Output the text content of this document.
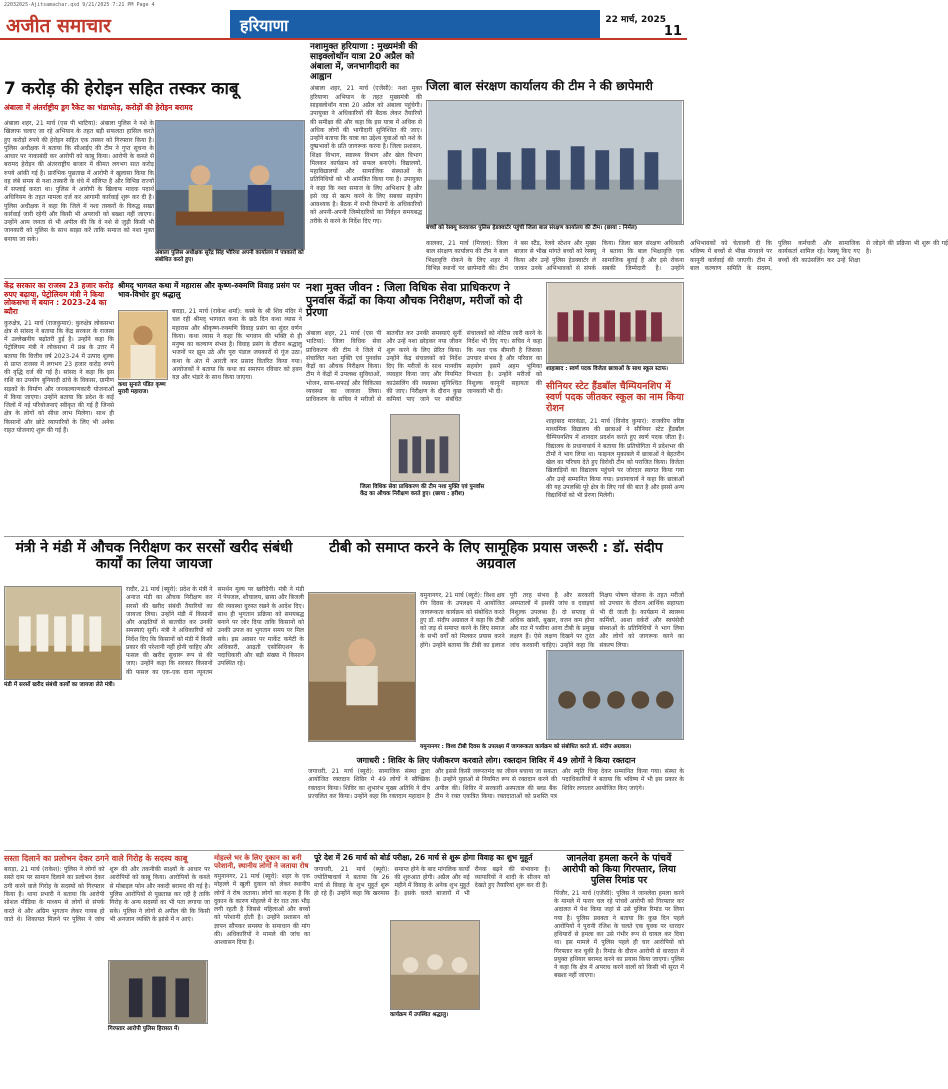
22032025-Ajitsamachar.qxd 9/21/2025 7:21 PM Page 4
अजीत समाचार	हरियाणा	22 मार्च, 2025
11
7 करोड़ की हेरोइन सहित तस्कर काबू
अंबाला में अंतर्राष्ट्रीय ड्रग रैकेट का भंडाफोड़, करोड़ों की हेरोइन बरामद
अंबाला शहर, 21 मार्च (एस पी भाटिया): अंबाला पुलिस ने नशे के खिलाफ चलाए जा रहे अभियान के तहत बड़ी सफलता हासिल करते हुए करोड़ों रुपये की हेरोइन सहित एक तस्कर को गिरफ्तार किया है। पुलिस अधीक्षक ने बताया कि सीआईए की टीम ने गुप्त सूचना के आधार पर नाकाबंदी कर आरोपी को काबू किया। आरोपी के कब्जे से बरामद हेरोइन की अंतरराष्ट्रीय बाजार में कीमत लगभग सात करोड़ रुपये आंकी गई है। प्रारंभिक पूछताछ में आरोपी ने खुलासा किया कि वह लंबे समय से नशा तस्करी के धंधे में संलिप्त है और विभिन्न राज्यों में सप्लाई करता था। पुलिस ने आरोपी के खिलाफ मादक पदार्थ अधिनियम के तहत मामला दर्ज कर आगामी कार्रवाई शुरू कर दी है। पुलिस अधीक्षक ने कहा कि जिले में नशा तस्करों के विरुद्ध सख्त कार्रवाई जारी रहेगी और किसी भी अपराधी को बख्शा नहीं जाएगा। उन्होंने आम जनता से भी अपील की कि वे नशे से जुड़ी किसी भी जानकारी को पुलिस के साथ साझा करें ताकि समाज को नशा मुक्त बनाया जा सके।
अंबाला पुलिस अधीक्षक सुरेंद्र सिंह भौरिया अपनी कार्यालय में पत्रकारों को संबोधित करते हुए।
नशामुक्त हरियाणा : मुख्यमंत्री की साइक्लोथॉन यात्रा 20 अप्रैल को अंबाला में, जनभागीदारी का आह्वान
अंबाला शहर, 21 मार्च (एजेंसी): नशा मुक्त हरियाणा अभियान के तहत मुख्यमंत्री की साइक्लोथॉन यात्रा 20 अप्रैल को अंबाला पहुंचेगी। उपायुक्त ने अधिकारियों की बैठक लेकर तैयारियों की समीक्षा की और कहा कि इस यात्रा में अधिक से अधिक लोगों की भागीदारी सुनिश्चित की जाए। उन्होंने बताया कि यात्रा का उद्देश्य युवाओं को नशे के दुष्प्रभावों के प्रति जागरूक करना है। जिला प्रशासन, शिक्षा विभाग, स्वास्थ्य विभाग और खेल विभाग मिलकर कार्यक्रम को सफल बनाएंगे। विद्यालयों, महाविद्यालयों और सामाजिक संस्थाओं के प्रतिनिधियों को भी आमंत्रित किया गया है। उपायुक्त ने कहा कि नशा समाज के लिए अभिशाप है और इसे जड़ से खत्म करने के लिए सबका सहयोग आवश्यक है। बैठक में सभी विभागों के अधिकारियों को अपनी-अपनी जिम्मेदारियों का निर्वहन समयबद्ध तरीके से करने के निर्देश दिए गए।
जिला बाल संरक्षण कार्यालय की टीम ने की छापेमारी
बच्चों को रेस्क्यू करवाकर पुलिस हेडक्वार्टर पहुंची जिला बाल संरक्षण कार्यालय की टीम। (छाया : निर्मल)
कालका, 21 मार्च (मित्तल): जिला बाल संरक्षण कार्यालय की टीम ने बाल भिक्षावृत्ति रोकने के लिए शहर में विभिन्न स्थानों पर छापेमारी की। टीम ने बस स्टैंड, रेलवे स्टेशन और मुख्य बाजार से भीख मांगते बच्चों को रेस्क्यू किया और उन्हें पुलिस हेडक्वार्टर ले जाकर उनके अभिभावकों से संपर्क किया। जिला बाल संरक्षण अधिकारी ने बताया कि बाल भिक्षावृत्ति एक सामाजिक बुराई है और इसे रोकना सबकी जिम्मेदारी है। उन्होंने अभिभावकों को चेतावनी दी कि भविष्य में बच्चों से भीख मंगवाने पर कानूनी कार्रवाई की जाएगी। टीम में बाल कल्याण समिति के सदस्य, पुलिस कर्मचारी और सामाजिक कार्यकर्ता शामिल रहे। रेस्क्यू किए गए बच्चों की काउंसलिंग कर उन्हें शिक्षा से जोड़ने की प्रक्रिया भी शुरू की गई है।
केंद्र सरकार का राजस्व 23 हजार करोड़ रुपए बढ़ाया, पेट्रोलियम मंत्री ने किया लोकसभा में बयान : 2023-24 का ब्यौरा
कुरुक्षेत्र, 21 मार्च (राजकुमार): कुरुक्षेत्र लोकसभा क्षेत्र से सांसद ने बताया कि केंद्र सरकार के राजस्व में उल्लेखनीय बढ़ोतरी हुई है। उन्होंने कहा कि पेट्रोलियम मंत्री ने लोकसभा में प्रश्न के उत्तर में बताया कि वित्तीय वर्ष 2023-24 में उत्पाद शुल्क से प्राप्त राजस्व में लगभग 23 हजार करोड़ रुपये की वृद्धि दर्ज की गई है। सांसद ने कहा कि इस राशि का उपयोग बुनियादी ढांचे के विकास, ग्रामीण सड़कों के निर्माण और जनकल्याणकारी योजनाओं में किया जाएगा। उन्होंने बताया कि प्रदेश के कई जिलों में नई परियोजनाएं स्वीकृत की गई हैं जिनसे क्षेत्र के लोगों को सीधा लाभ मिलेगा। साथ ही किसानों और छोटे व्यापारियों के लिए भी अनेक राहत योजनाएं शुरू की गई हैं।
श्रीमद् भागवत कथा में महारास और कृष्ण-रुक्मणि विवाह प्रसंग पर भाव-विभोर हुए श्रद्धालु
बराड़ा, 21 मार्च (राकेश शर्मा): कस्बे के श्री शिव मंदिर में चल रही श्रीमद् भागवत कथा के छठे दिन कथा व्यास ने महारास और श्रीकृष्ण-रुक्मणि विवाह प्रसंग का सुंदर वर्णन किया। कथा व्यास ने कहा कि भगवान की भक्ति से ही मनुष्य का कल्याण संभव है। विवाह प्रसंग के दौरान श्रद्धालु भजनों पर झूम उठे और पूरा पंडाल जयकारों से गूंज उठा। कथा के अंत में आरती कर प्रसाद वितरित किया गया। आयोजकों ने बताया कि कथा का समापन रविवार को हवन यज्ञ और भंडारे के साथ किया जाएगा।
कथा सुनाते पंडित कृष्ण मुरारी महाराज।
नशा मुक्त जीवन : जिला विधिक सेवा प्राधिकरण ने पुनर्वास केंद्रों का किया औचक निरीक्षण, मरीजों को दी प्रेरणा
अंबाला शहर, 21 मार्च (एस पी भाटिया): जिला विधिक सेवा प्राधिकरण की टीम ने जिले में संचालित नशा मुक्ति एवं पुनर्वास केंद्रों का औचक निरीक्षण किया। टीम ने केंद्रों में उपलब्ध सुविधाओं, भोजन, साफ-सफाई और चिकित्सा व्यवस्था का जायजा लिया। प्राधिकरण के सचिव ने मरीजों से बातचीत कर उनकी समस्याएं सुनीं और उन्हें नशा छोड़कर नया जीवन शुरू करने के लिए प्रेरित किया। उन्होंने केंद्र संचालकों को निर्देश दिए कि मरीजों के साथ मानवीय व्यवहार किया जाए और नियमित काउंसलिंग की व्यवस्था सुनिश्चित की जाए। निरीक्षण के दौरान कुछ कमियां पाए जाने पर संबंधित संचालकों को नोटिस जारी करने के निर्देश भी दिए गए। सचिव ने कहा कि नशा एक बीमारी है जिसका उपचार संभव है और परिवार का सहयोग इसमें अहम भूमिका निभाता है। उन्होंने मरीजों को निशुल्क कानूनी सहायता की जानकारी भी दी।
जिला विधिक सेवा प्राधिकरण की टीम नशा मुक्ति एवं पुनर्वास केंद्र का औचक निरीक्षण करते हुए। (छाया : हरीश)
शाहाबाद : स्वर्ण पदक विजेता छात्राओं के साथ स्कूल स्टाफ।
सीनियर स्टेट हैंडबॉल चैम्पियनशिप में स्वर्ण पदक जीतकर स्कूल का नाम किया रोशन
शाहाबाद मारकंडा, 21 मार्च (विनोद कुमार): राजकीय वरिष्ठ माध्यमिक विद्यालय की छात्राओं ने सीनियर स्टेट हैंडबॉल चैम्पियनशिप में शानदार प्रदर्शन करते हुए स्वर्ण पदक जीता है। विद्यालय के प्रधानाचार्य ने बताया कि प्रतियोगिता में प्रदेशभर की टीमों ने भाग लिया था। फाइनल मुकाबले में छात्राओं ने बेहतरीन खेल का परिचय देते हुए विरोधी टीम को पराजित किया। विजेता खिलाड़ियों का विद्यालय पहुंचने पर जोरदार स्वागत किया गया और उन्हें सम्मानित किया गया। प्रधानाचार्य ने कहा कि छात्राओं की यह उपलब्धि पूरे क्षेत्र के लिए गर्व की बात है और इससे अन्य विद्यार्थियों को भी प्रेरणा मिलेगी।
मंत्री ने मंडी में औचक निरीक्षण कर सरसों खरीद संबंधी कार्यों का लिया जायजा
मंडी में सरसों खरीद संबंधी कार्यों का जायजा लेते मंत्री।
रादौर, 21 मार्च (ब्यूरो): प्रदेश के मंत्री ने अनाज मंडी का औचक निरीक्षण कर सरसों की खरीद संबंधी तैयारियों का जायजा लिया। उन्होंने मंडी में किसानों और आढ़तियों से बातचीत कर उनकी समस्याएं सुनीं। मंत्री ने अधिकारियों को निर्देश दिए कि किसानों को मंडी में किसी प्रकार की परेशानी नहीं होनी चाहिए और फसल की खरीद सुचारू रूप से की जाए। उन्होंने कहा कि सरकार किसानों की फसल का एक-एक दाना न्यूनतम समर्थन मूल्य पर खरीदेगी। मंत्री ने मंडी में पेयजल, शौचालय, छाया और बिजली की व्यवस्था दुरुस्त रखने के आदेश दिए। साथ ही भुगतान प्रक्रिया को समयबद्ध बनाने पर जोर दिया ताकि किसानों को उनकी उपज का भुगतान समय पर मिल सके। इस अवसर पर मार्केट कमेटी के अधिकारी, आढ़ती एसोसिएशन के पदाधिकारी और बड़ी संख्या में किसान उपस्थित रहे।
टीबी को समाप्त करने के लिए सामूहिक प्रयास जरूरी : डॉ. संदीप अग्रवाल
यमुनानगर, 21 मार्च (ब्यूरो): विश्व क्षय रोग दिवस के उपलक्ष्य में आयोजित जागरूकता कार्यक्रम को संबोधित करते हुए डॉ. संदीप अग्रवाल ने कहा कि टीबी को जड़ से समाप्त करने के लिए समाज के सभी वर्गों को मिलकर प्रयास करने होंगे। उन्होंने बताया कि टीबी का इलाज पूरी तरह संभव है और सरकारी अस्पतालों में इसकी जांच व दवाइयां निशुल्क उपलब्ध हैं। दो सप्ताह से अधिक खांसी, बुखार, वजन कम होना और रात में पसीना आना टीबी के प्रमुख लक्षण हैं। ऐसे लक्षण दिखने पर तुरंत जांच करवानी चाहिए। उन्होंने कहा कि निक्षय पोषण योजना के तहत मरीजों को उपचार के दौरान आर्थिक सहायता भी दी जाती है। कार्यक्रम में स्वास्थ्य कर्मियों, आशा वर्करों और स्वयंसेवी संस्थाओं के प्रतिनिधियों ने भाग लिया और लोगों को जागरूक करने का संकल्प लिया।
यमुनानगर : विश्व टीबी दिवस के उपलक्ष्य में जागरूकता कार्यक्रम को संबोधित करते डॉ. संदीप अग्रवाल।
जगाधरी : शिविर के लिए पंजीकरण करवाते लोग। रक्तदान शिविर में 49 लोगों ने किया रक्तदान
जगाधरी, 21 मार्च (ब्यूरो): सामाजिक संस्था द्वारा आयोजित रक्तदान शिविर में 49 लोगों ने स्वैच्छिक रक्तदान किया। शिविर का शुभारंभ मुख्य अतिथि ने दीप प्रज्वलित कर किया। उन्होंने कहा कि रक्तदान महादान है और इससे किसी जरूरतमंद का जीवन बचाया जा सकता है। उन्होंने युवाओं से नियमित रूप से रक्तदान करने की अपील की। शिविर में सरकारी अस्पताल की ब्लड बैंक टीम ने रक्त एकत्रित किया। रक्तदाताओं को प्रशस्ति पत्र और स्मृति चिन्ह देकर सम्मानित किया गया। संस्था के पदाधिकारियों ने बताया कि भविष्य में भी इस प्रकार के शिविर लगातार आयोजित किए जाएंगे।
सस्ता दिलाने का प्रलोभन देकर ठगने वाले गिरोह के सदस्य काबू
बराड़ा, 21 मार्च (राकेश): पुलिस ने लोगों को सस्ते दाम पर सामान दिलाने का प्रलोभन देकर ठगी करने वाले गिरोह के सदस्यों को गिरफ्तार किया है। थाना प्रभारी ने बताया कि आरोपी सोशल मीडिया के माध्यम से लोगों से संपर्क करते थे और अग्रिम भुगतान लेकर गायब हो जाते थे। शिकायत मिलने पर पुलिस ने जांच शुरू की और तकनीकी साक्ष्यों के आधार पर आरोपियों को काबू किया। आरोपियों के कब्जे से मोबाइल फोन और नकदी बरामद की गई है। पुलिस आरोपियों से पूछताछ कर रही है ताकि गिरोह के अन्य सदस्यों का भी पता लगाया जा सके। पुलिस ने लोगों से अपील की कि किसी भी अनजान व्यक्ति के झांसे में न आएं।
गिरफ्तार आरोपी पुलिस हिरासत में।
मोहल्ले भर के लिए दुकान का बनी परेशानी, स्थानीय लोगों ने जताया रोष
यमुनानगर, 21 मार्च (ब्यूरो): शहर के एक मोहल्ले में खुली दुकान को लेकर स्थानीय लोगों ने रोष जताया। लोगों का कहना है कि दुकान के कारण मोहल्ले में देर रात तक भीड़ लगी रहती है जिससे महिलाओं और बच्चों को परेशानी होती है। उन्होंने प्रशासन को ज्ञापन सौंपकर समस्या के समाधान की मांग की। अधिकारियों ने मामले की जांच का आश्वासन दिया है।
पूरे देश में 26 मार्च को बोर्ड परीक्षा, 26 मार्च से शुरू होगा विवाह का शुभ मुहूर्त
जगाधरी, 21 मार्च (ब्यूरो): ज्योतिषाचार्य ने बताया कि 26 मार्च से विवाह के शुभ मुहूर्त शुरू हो रहे हैं। उन्होंने कहा कि खरमास समाप्त होने के बाद मांगलिक कार्यों की शुरुआत होगी। अप्रैल और मई महीने में विवाह के अनेक शुभ मुहूर्त हैं। इसके चलते बाजारों में भी रौनक बढ़ने की संभावना है। व्यापारियों ने शादी के सीजन को देखते हुए तैयारियां शुरू कर दी हैं।
कार्यक्रम में उपस्थित श्रद्धालु।
जानलेवा हमला करने के पांचवें आरोपी को किया गिरफ्तार, लिया पुलिस रिमांड पर
पिंजौर, 21 मार्च (एजेंसी): पुलिस ने जानलेवा हमला करने के मामले में फरार चल रहे पांचवें आरोपी को गिरफ्तार कर अदालत में पेश किया जहां से उसे पुलिस रिमांड पर लिया गया है। पुलिस प्रवक्ता ने बताया कि कुछ दिन पहले आरोपियों ने पुरानी रंजिश के चलते एक युवक पर धारदार हथियारों से हमला कर उसे गंभीर रूप से घायल कर दिया था। इस मामले में पुलिस पहले ही चार आरोपियों को गिरफ्तार कर चुकी है। रिमांड के दौरान आरोपी से वारदात में प्रयुक्त हथियार बरामद करने का प्रयास किया जाएगा। पुलिस ने कहा कि क्षेत्र में अपराध करने वालों को किसी भी सूरत में बख्शा नहीं जाएगा।
